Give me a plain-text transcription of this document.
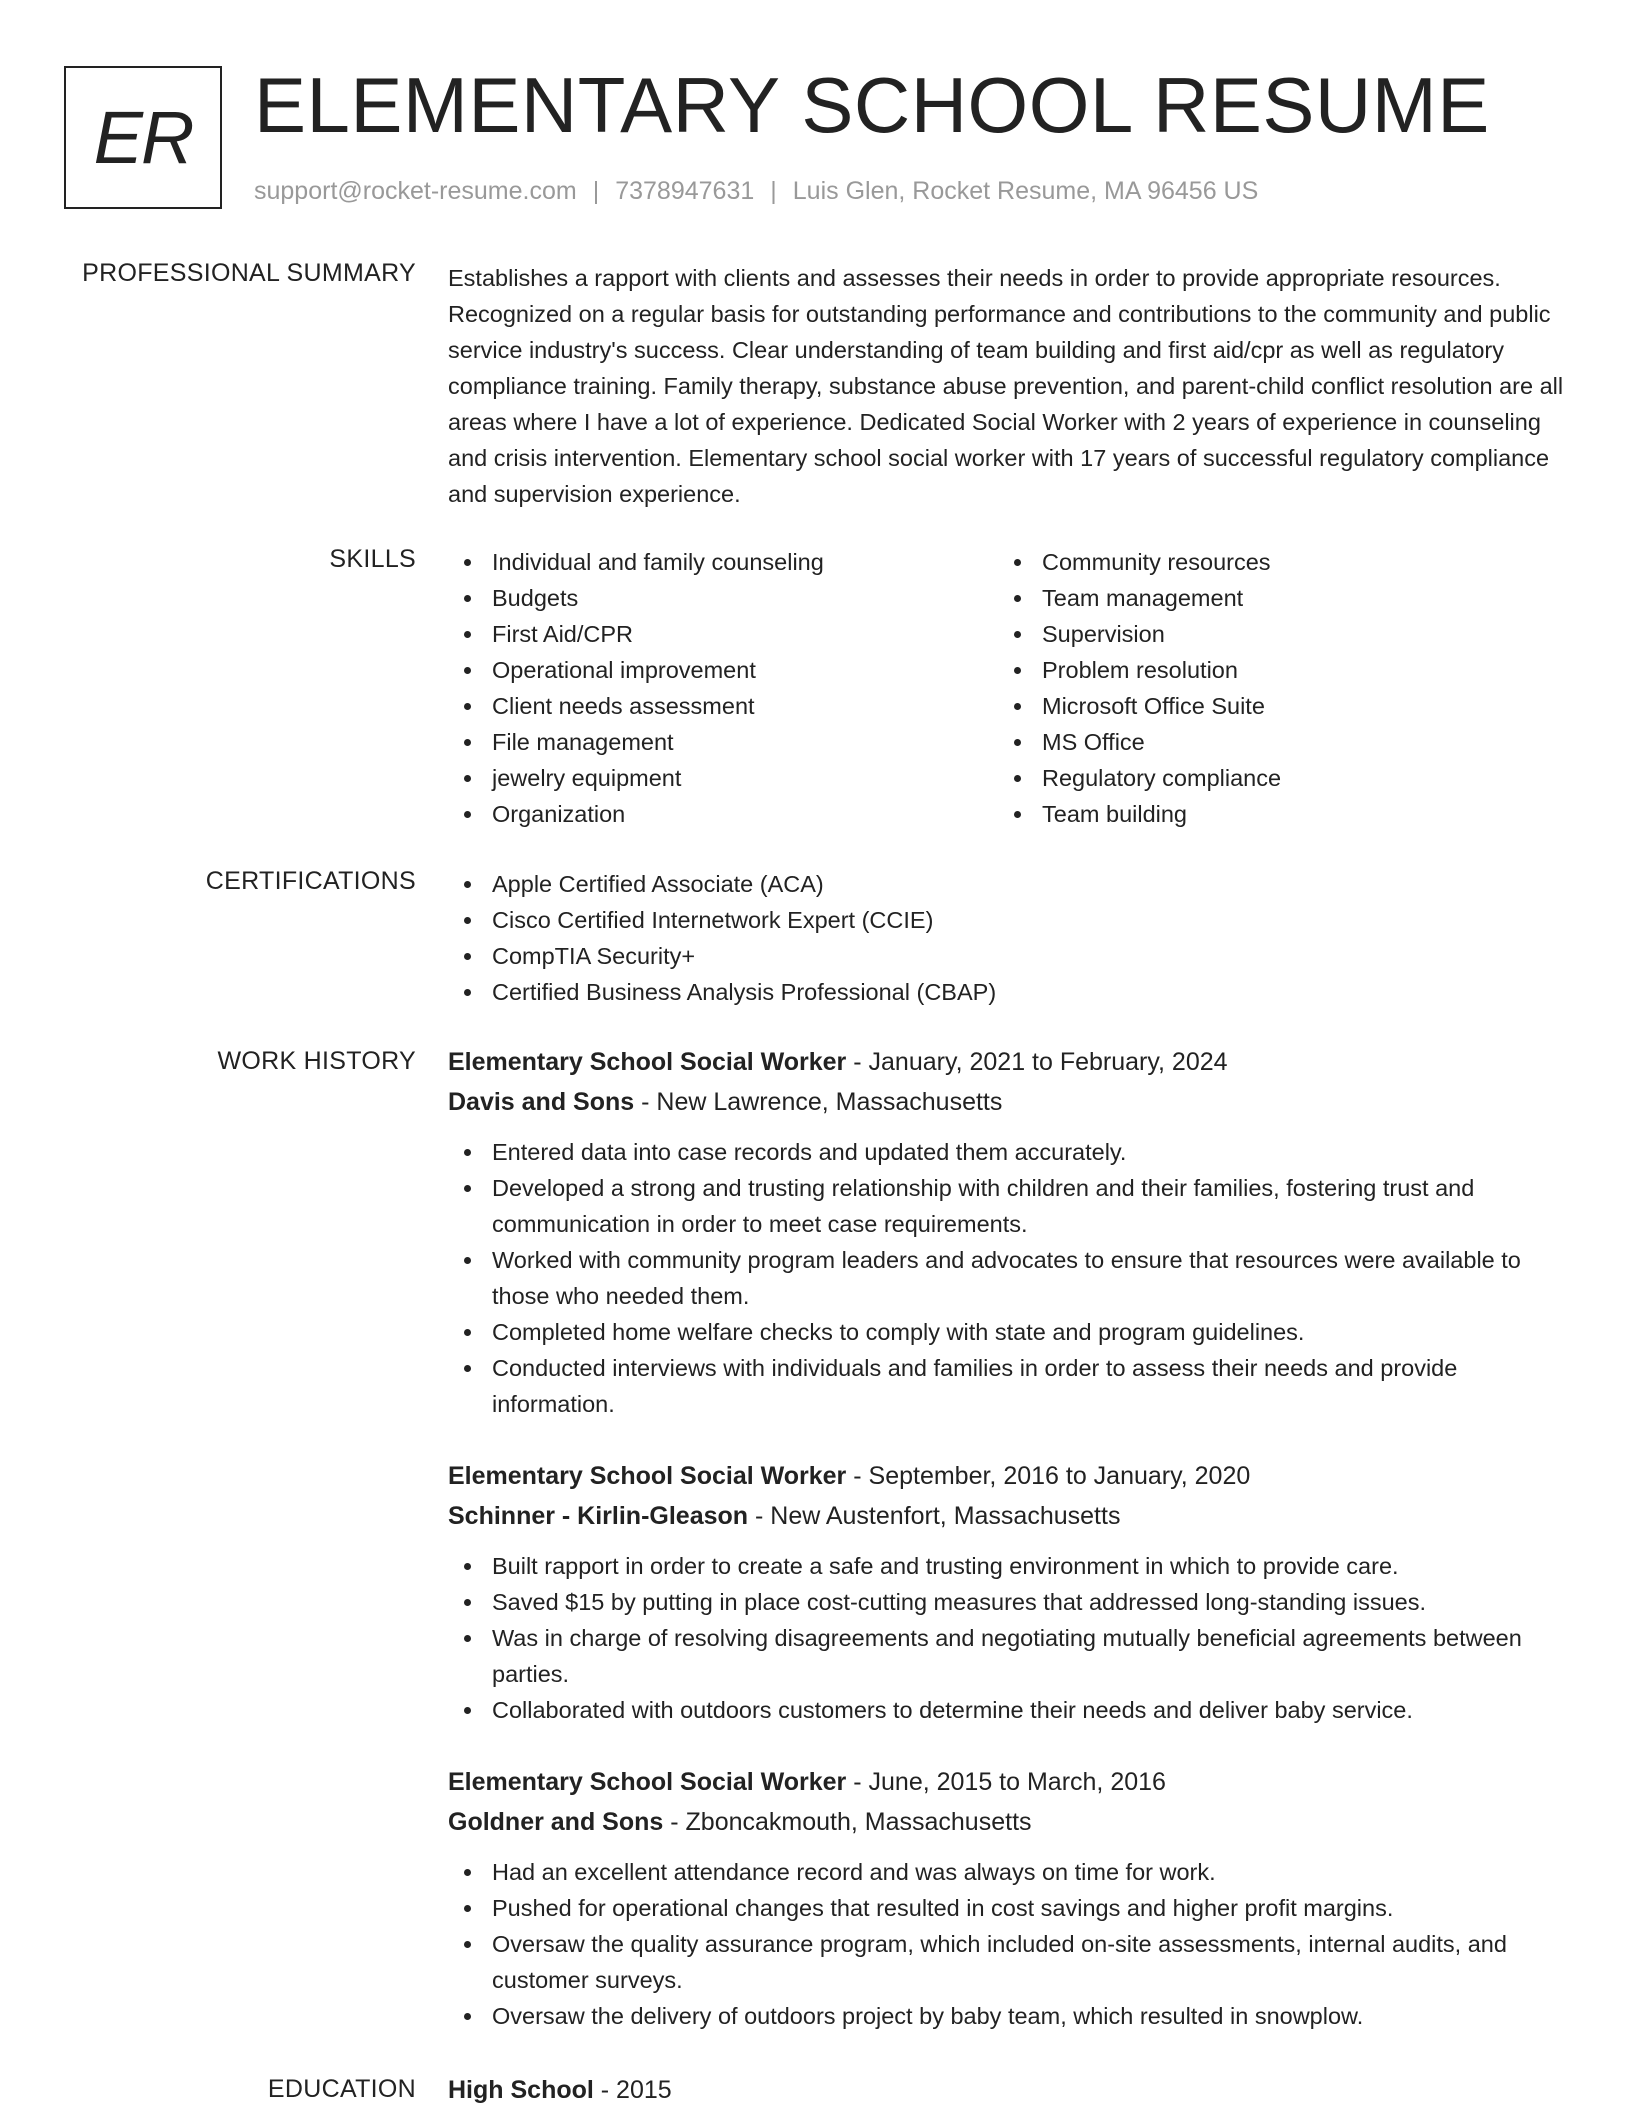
ER ELEMENTARY SCHOOL RESUME
support@rocket-resume.com | 7378947631 | Luis Glen, Rocket Resume, MA 96456 US
PROFESSIONAL SUMMARY Establishes a rapport with clients and assesses their needs in order to provide appropriate resources. Recognized on a regular basis for outstanding performance and contributions to the community and public service industry's success. Clear understanding of team building and first aid/cpr as well as regulatory compliance training. Family therapy, substance abuse prevention, and parent-child conflict resolution are all areas where I have a lot of experience. Dedicated Social Worker with 2 years of experience in counseling and crisis intervention. Elementary school social worker with 17 years of successful regulatory compliance and supervision experience.

SKILLS	Individual and family counseling
Budgets
First Aid/CPR
Operational improvement
Client needs assessment
File management
jewelry equipment
Organization
Community resources
Team management
Supervision
Problem resolution
Microsoft Office Suite
MS Office
Regulatory compliance
Team building
CERTIFICATIONS	Apple Certified Associate (ACA)
Cisco Certified Internetwork Expert (CCIE)
CompTIA Security+
Certified Business Analysis Professional (CBAP)
WORK HISTORY Elementary School Social Worker - January, 2021 to February, 2024
Davis and Sons - New Lawrence, Massachusetts
Entered data into case records and updated them accurately.
Developed a strong and trusting relationship with children and their families, fostering trust and communication in order to meet case requirements.
Worked with community program leaders and advocates to ensure that resources were available to those who needed them.
Completed home welfare checks to comply with state and program guidelines.
Conducted interviews with individuals and families in order to assess their needs and provide information.
Elementary School Social Worker - September, 2016 to January, 2020
Schinner - Kirlin-Gleason - New Austenfort, Massachusetts
Built rapport in order to create a safe and trusting environment in which to provide care.
Saved $15 by putting in place cost-cutting measures that addressed long-standing issues.
Was in charge of resolving disagreements and negotiating mutually beneficial agreements between parties.
Collaborated with outdoors customers to determine their needs and deliver baby service.
Elementary School Social Worker - June, 2015 to March, 2016
Goldner and Sons - Zboncakmouth, Massachusetts
Had an excellent attendance record and was always on time for work.
Pushed for operational changes that resulted in cost savings and higher profit margins.
Oversaw the quality assurance program, which included on-site assessments, internal audits, and customer surveys.
Oversaw the delivery of outdoors project by baby team, which resulted in snowplow.
EDUCATION High School - 2015
